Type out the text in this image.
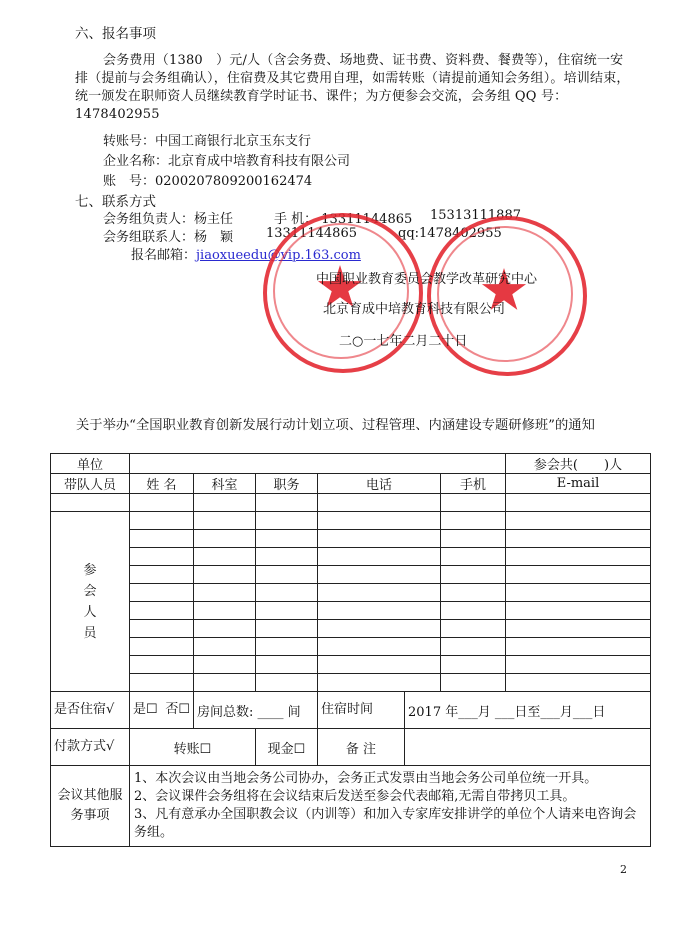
六、报名事项
会务费用（1380　）元/人（含会务费、场地费、证书费、资料费、餐费等），住宿统一安排（提前与会务组确认），住宿费及其它费用自理，如需转账（请提前通知会务组）。培训结束，统一颁发在职师资人员继续教育学时证书、课件；为方便参会交流，会务组 QQ 号：1478402955
转账号：中国工商银行北京玉东支行
企业名称：北京育成中培教育科技有限公司
账　号：0200207809200162474
七、联系方式
会务组负责人：杨主任	手 机： 13311144865 15313111887
会务组联系人：杨　颖	13311144865	qq:1478402955
报名邮箱：jiaoxueedu@vip.163.com
中国职业教育委员会教学改革研究中心
北京育成中培教育科技有限公司
二○一七年二月二十日
关于举办“全国职业教育创新发展行动计划立项、过程管理、内涵建设专题研修班”的通知
单位							参会共(　　)人
带队人员	姓 名	科室	职务	电话		手机	E-mail

参
会
人
员							

是否住宿√	是☐ 否☐	房间总数: ____ 间		住宿时间	2017 年___月 ___日至___月___日		
付款方式√	转账☐		现金☐	备 注			
会议其他服务事项	1、本次会议由当地会务公司协办，会务正式发票由当地会务公司单位统一开具。
2、会议课件会务组将在会议结束后发送至参会代表邮箱,无需自带拷贝工具。
3、凡有意承办全国职教会议（内训等）和加入专家库安排讲学的单位个人请来电咨询会务组。						
2
